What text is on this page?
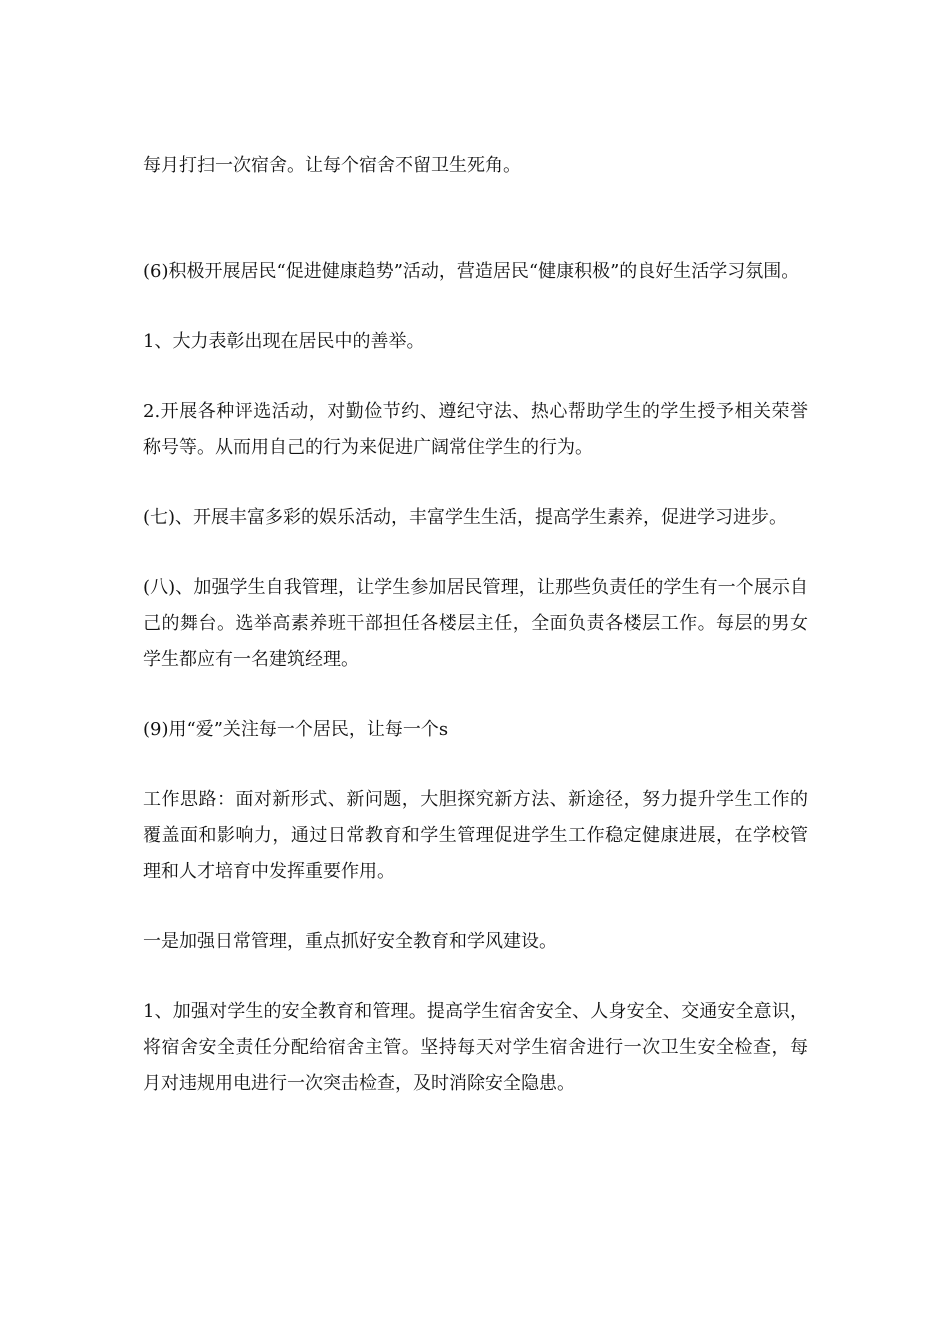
每月打扫一次宿舍。让每个宿舍不留卫生死角。

(6)积极开展居民“促进健康趋势”活动，营造居民“健康积极”的良好生活学习氛围。

1、大力表彰出现在居民中的善举。

2.开展各种评选活动，对勤俭节约、遵纪守法、热心帮助学生的学生授予相关荣誉称号等。从而用自己的行为来促进广阔常住学生的行为。

(七)、开展丰富多彩的娱乐活动，丰富学生生活，提高学生素养，促进学习进步。

(八)、加强学生自我管理，让学生参加居民管理，让那些负责任的学生有一个展示自己的舞台。选举高素养班干部担任各楼层主任，全面负责各楼层工作。每层的男女学生都应有一名建筑经理。

(9)用“爱”关注每一个居民，让每一个s

工作思路：面对新形式、新问题，大胆探究新方法、新途径，努力提升学生工作的覆盖面和影响力，通过日常教育和学生管理促进学生工作稳定健康进展，在学校管理和人才培育中发挥重要作用。

一是加强日常管理，重点抓好安全教育和学风建设。

1、加强对学生的安全教育和管理。提高学生宿舍安全、人身安全、交通安全意识，将宿舍安全责任分配给宿舍主管。坚持每天对学生宿舍进行一次卫生安全检查，每月对违规用电进行一次突击检查，及时消除安全隐患。
